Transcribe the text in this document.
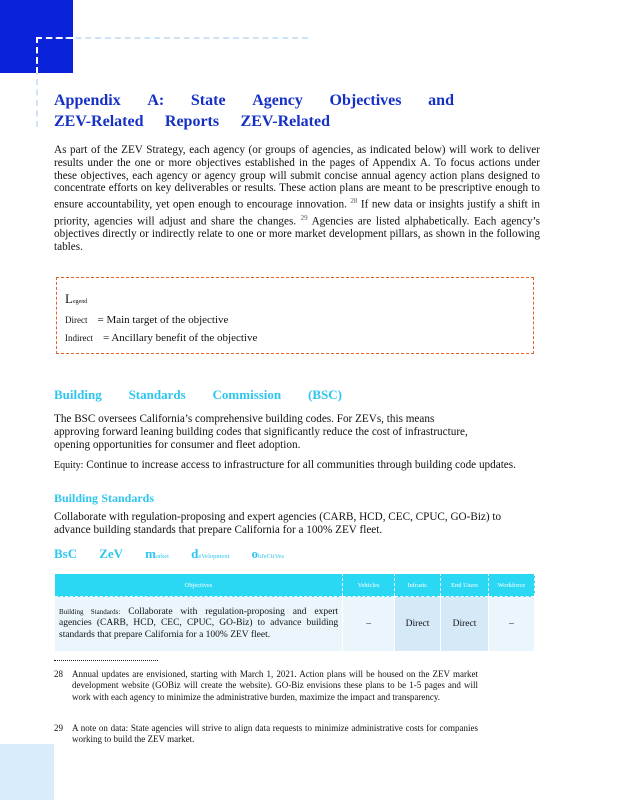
Appendix A: State Agency Objectives and
ZEV-Related Reports ZEV-Related
As part of the ZEV Strategy, each agency (or groups of agencies, as indicated below) will work to deliver results under the one or more objectives established in the pages of Appendix A. To focus actions under these objectives, each agency or agency group will submit concise annual agency action plans designed to concentrate efforts on key deliverables or results. These action plans are meant to be prescriptive enough to ensure accountability, yet open enough to encourage innovation. $^{28}$ If new data or insights justify a shift in priority, agencies will adjust and share the changes. $^{29}$ Agencies are listed alphabetically. Each agency’s objectives directly or indirectly relate to one or more market development pillars, as shown in the following tables.
Legend
Direct = Main target of the objective
Indirect = Ancillary benefit of the objective
Building Standards Commission (BSC)
The BSC oversees California’s comprehensive building codes. For ZEVs, this means approving forward leaning building codes that significantly reduce the cost of infrastructure, opening opportunities for consumer and fleet adoption.
Equity: Continue to increase access to infrastructure for all communities through building code updates.
Building Standards
Collaborate with regulation-proposing and expert agencies (CARB, HCD, CEC, CPUC, GO-Biz) to advance building standards that prepare California for a 100% ZEV fleet.
BsC ZeV market deVelopment obJeCtiVes
Objectives	Vehicles	Infrastr.	End Users	Workforce
Building Standards: Collaborate with regulation-proposing and expert agencies (CARB, HCD, CEC, CPUC, GO-Biz) to advance building standards that prepare California for a 100% ZEV fleet.	–	Direct	Direct	–
28 Annual updates are envisioned, starting with March 1, 2021. Action plans will be housed on the ZEV market development website (GOBiz will create the website). GO-Biz envisions these plans to be 1-5 pages and will work with each agency to minimize the administrative burden, maximize the impact and transparency.
29 A note on data: State agencies will strive to align data requests to minimize administrative costs for companies working to build the ZEV market.
